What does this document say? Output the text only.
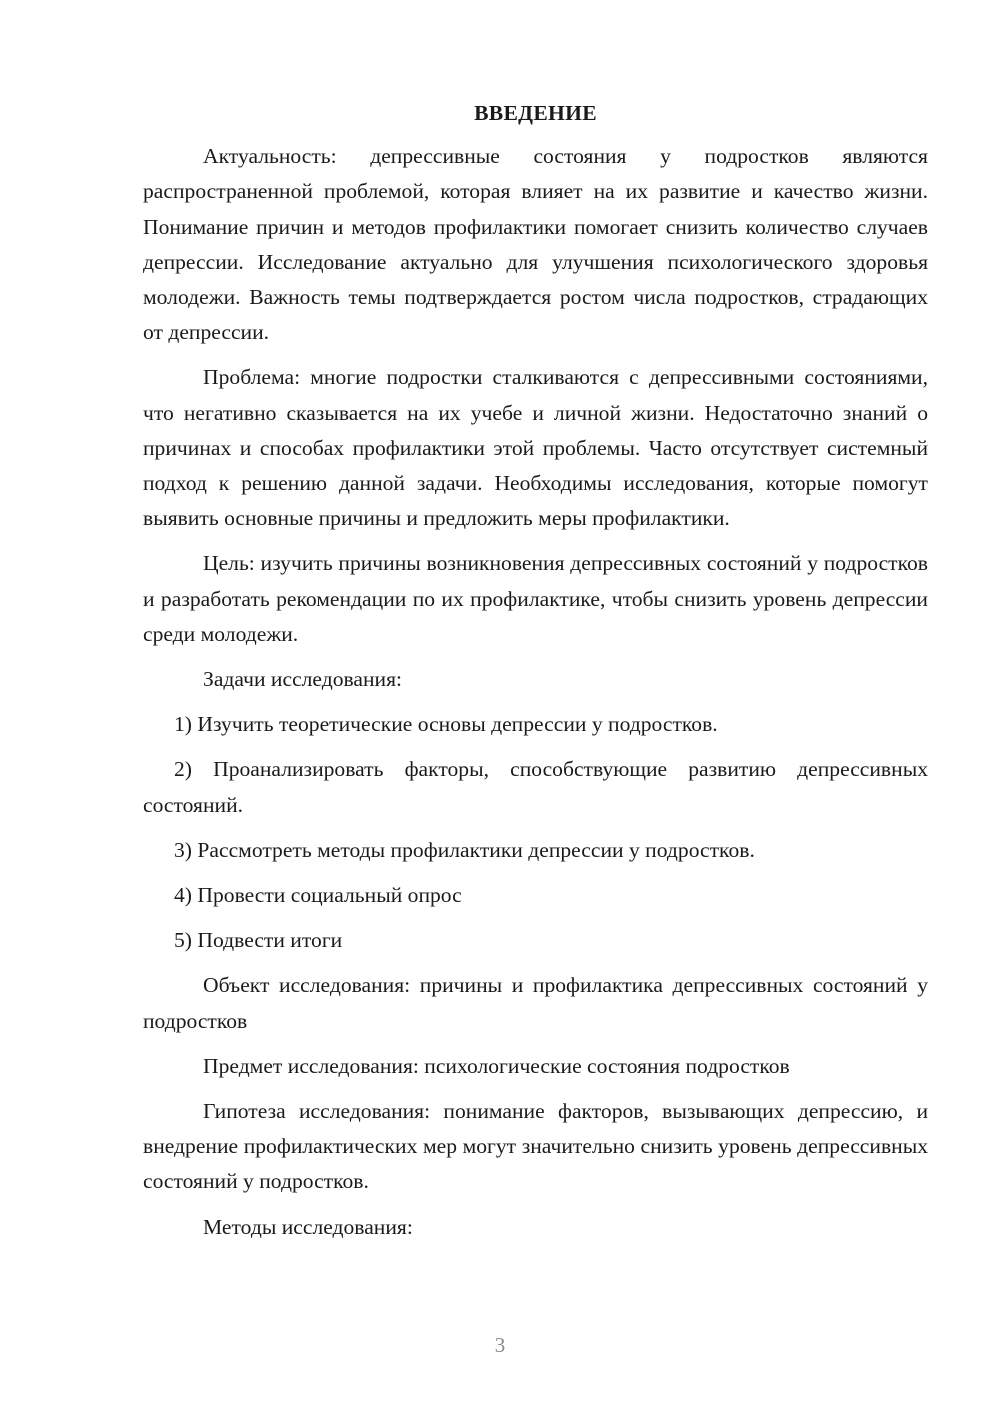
ВВЕДЕНИЕ

Актуальность: депрессивные состояния у подростков являются распространенной проблемой, которая влияет на их развитие и качество жизни. Понимание причин и методов профилактики помогает снизить количество случаев депрессии. Исследование актуально для улучшения психологического здоровья молодежи. Важность темы подтверждается ростом числа подростков, страдающих от депрессии.

Проблема: многие подростки сталкиваются с депрессивными состояниями, что негативно сказывается на их учебе и личной жизни. Недостаточно знаний о причинах и способах профилактики этой проблемы. Часто отсутствует системный подход к решению данной задачи. Необходимы исследования, которые помогут выявить основные причины и предложить меры профилактики.

Цель: изучить причины возникновения депрессивных состояний у подростков и разработать рекомендации по их профилактике, чтобы снизить уровень депрессии среди молодежи.

Задачи исследования:

1) Изучить теоретические основы депрессии у подростков.

2) Проанализировать факторы, способствующие развитию депрессивных состояний.

3) Рассмотреть методы профилактики депрессии у подростков.

4) Провести социальный опрос

5) Подвести итоги

Объект исследования: причины и профилактика депрессивных состояний у подростков

Предмет исследования: психологические состояния подростков

Гипотеза исследования: понимание факторов, вызывающих депрессию, и внедрение профилактических мер могут значительно снизить уровень депрессивных состояний у подростков.

Методы исследования:

3
